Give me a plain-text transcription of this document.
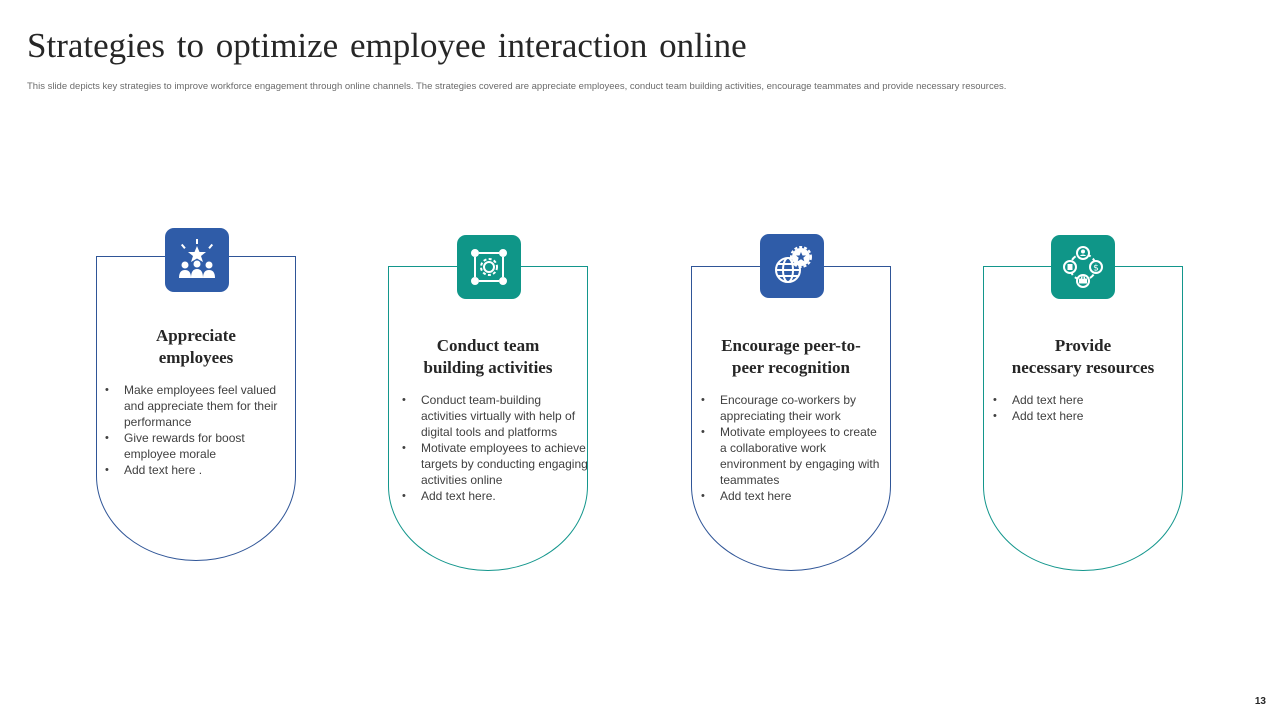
Strategies to optimize employee interaction online

This slide depicts key strategies to improve workforce engagement through online channels. The strategies covered are appreciate employees, conduct team building activities, encourage teammates and provide necessary resources.

Appreciate
employees
• Make employees feel valued and appreciate them for their performance
• Give rewards for boost employee morale
• Add text here .
Conduct team
building activities
• Conduct team-building activities virtually with help of digital tools and platforms
• Motivate employees to achieve targets by conducting engaging activities online
• Add text here.
Encourage peer-to-
peer recognition
• Encourage co-workers by appreciating their work
• Motivate employees to create a collaborative work environment by engaging with teammates
• Add text here
$
Provide
necessary resources
• Add text here
• Add text here
13
